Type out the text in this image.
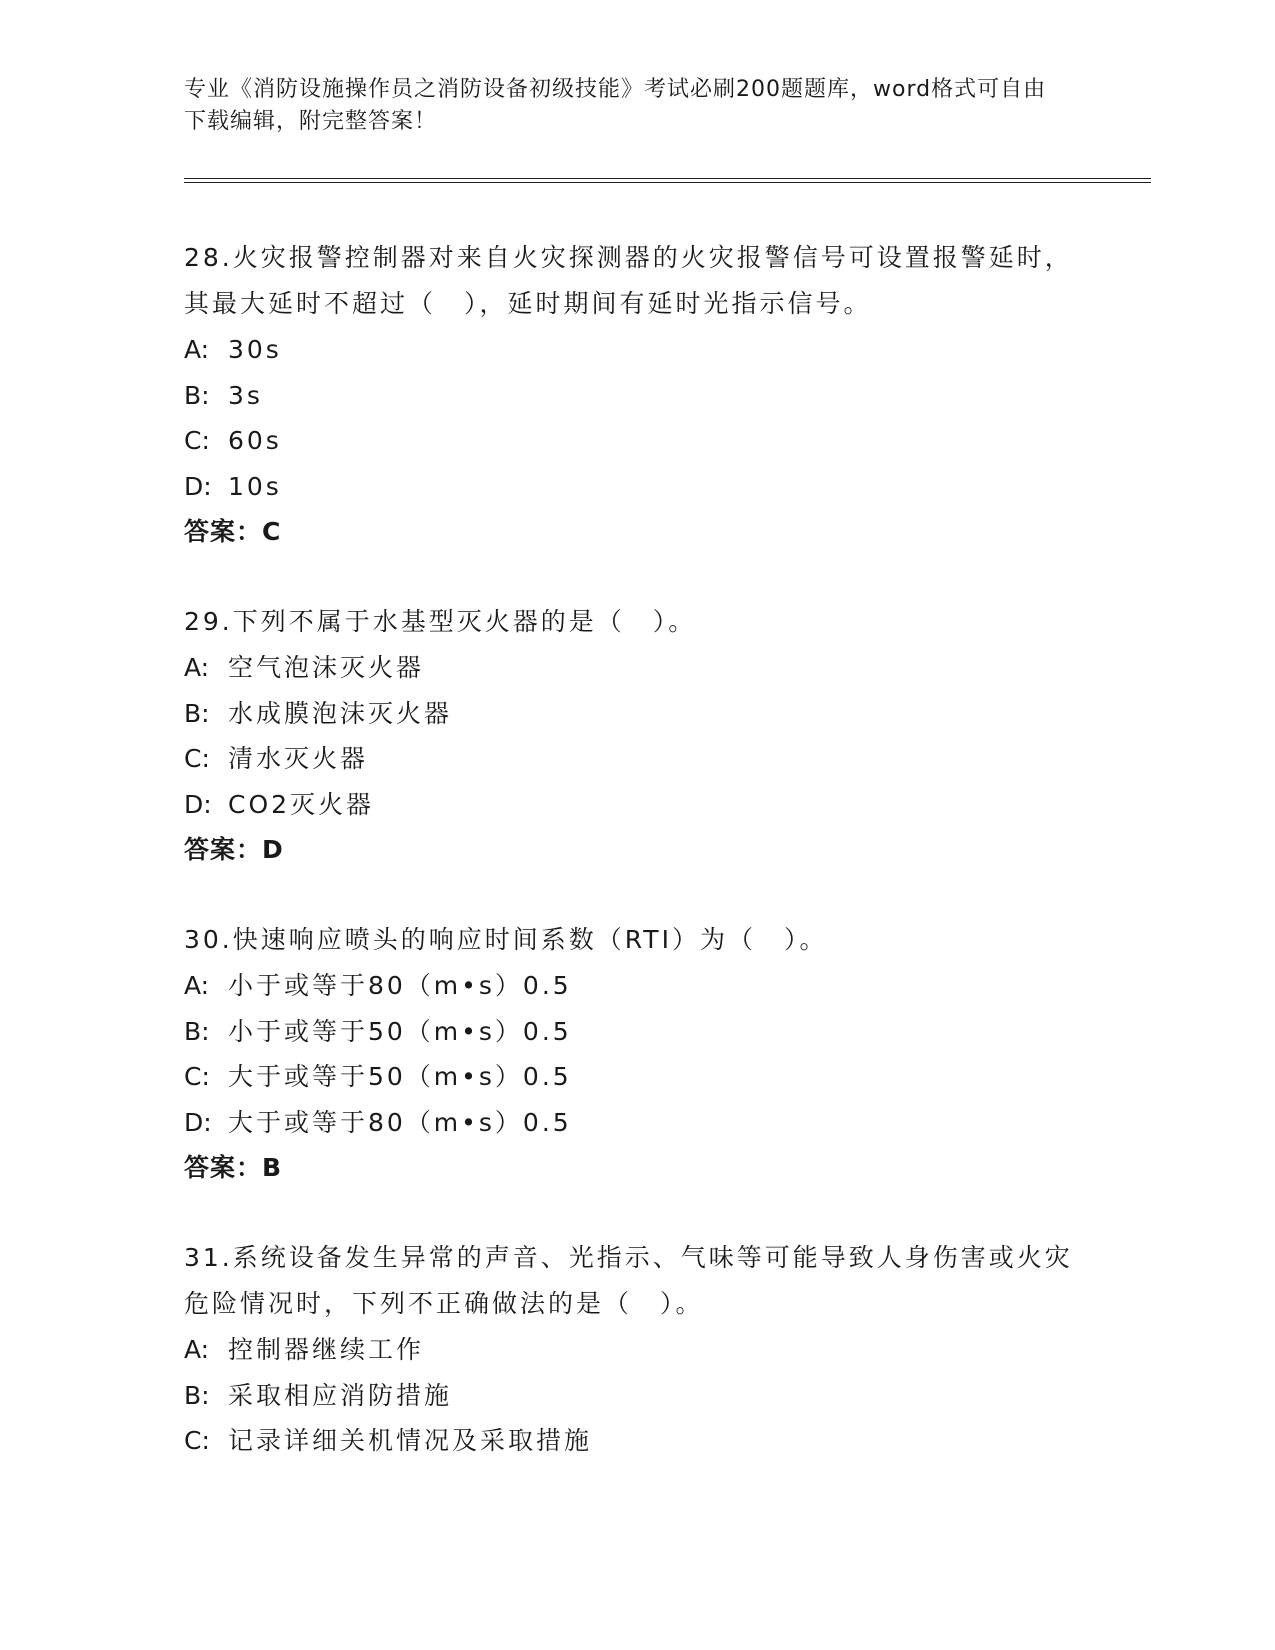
专业《消防设施操作员之消防设备初级技能》考试必刷200题题库，word格式可自由下载编辑，附完整答案！
28.火灾报警控制器对来自火灾探测器的火灾报警信号可设置报警延时，其最大延时不超过（　），延时期间有延时光指示信号。
A: 30s
B: 3s
C: 60s
D: 10s
答案：C
29.下列不属于水基型灭火器的是（　）。
A: 空气泡沫灭火器
B: 水成膜泡沫灭火器
C: 清水灭火器
D: CO2灭火器
答案：D
30.快速响应喷头的响应时间系数（RTI）为（　）。
A: 小于或等于80（m•s）0.5
B: 小于或等于50（m•s）0.5
C: 大于或等于50（m•s）0.5
D: 大于或等于80（m•s）0.5
答案：B
31.系统设备发生异常的声音、光指示、气味等可能导致人身伤害或火灾危险情况时，下列不正确做法的是（　）。
A: 控制器继续工作
B: 采取相应消防措施
C: 记录详细关机情况及采取措施
